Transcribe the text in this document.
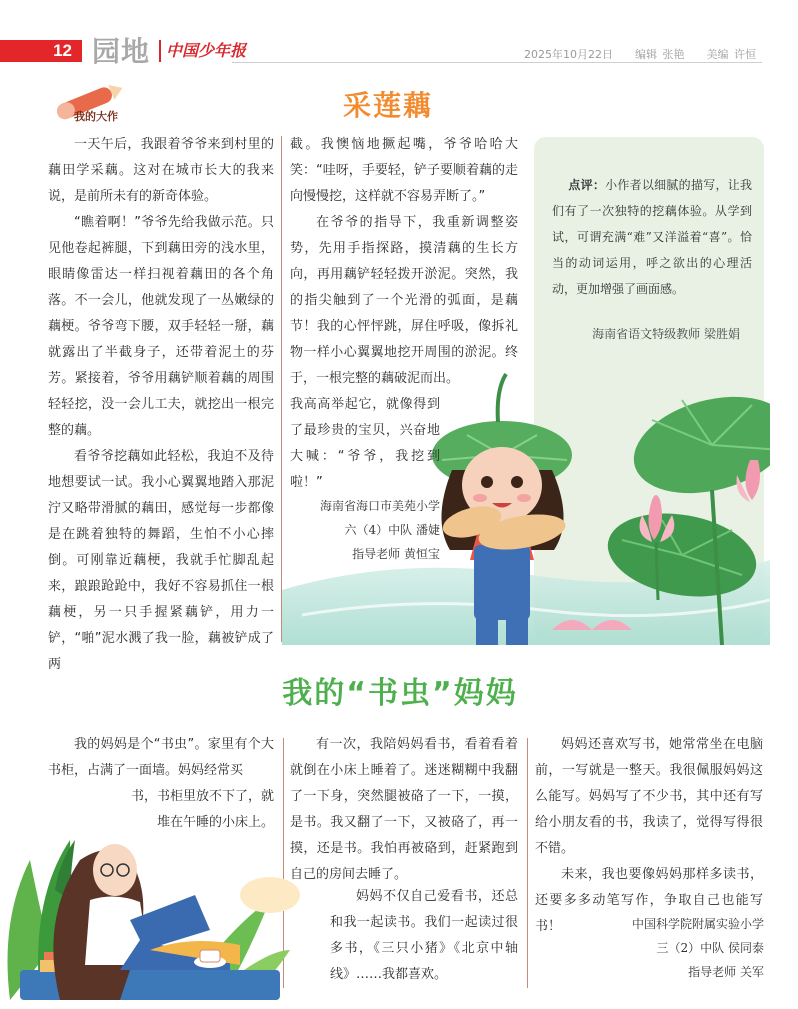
12 园地 中国少年报	2025年10月22日 编辑 张艳 美编 许恒
我的大作	采莲藕

一天午后，我跟着爷爷来到村里的藕田学采藕。这对在城市长大的我来说，是前所未有的新奇体验。

“瞧着啊！”爷爷先给我做示范。只见他卷起裤腿，下到藕田旁的浅水里，眼睛像雷达一样扫视着藕田的各个角落。不一会儿，他就发现了一丛嫩绿的藕梗。爷爷弯下腰，双手轻轻一掰，藕就露出了半截身子，还带着泥土的芬芳。紧接着，爷爷用藕铲顺着藕的周围轻轻挖，没一会儿工夫，就挖出一根完整的藕。

看爷爷挖藕如此轻松，我迫不及待地想要试一试。我小心翼翼地踏入那泥泞又略带滑腻的藕田，感觉每一步都像是在跳着独特的舞蹈，生怕不小心摔倒。可刚靠近藕梗，我就手忙脚乱起来，踉踉跄跄中，我好不容易抓住一根藕梗，另一只手握紧藕铲，用力一铲，“啪”泥水溅了我一脸，藕被铲成了两

截。我懊恼地撅起嘴，爷爷哈哈大笑：“哇呀，手要轻，铲子要顺着藕的走向慢慢挖，这样就不容易弄断了。”

在爷爷的指导下，我重新调整姿势，先用手指探路，摸清藕的生长方向，再用藕铲轻轻拨开淤泥。突然，我的指尖触到了一个光滑的弧面，是藕节！我的心怦怦跳，屏住呼吸，像拆礼物一样小心翼翼地挖开周围的淤泥。终于，一根完整的藕破泥而出。

我高高举起它，就像得到了最珍贵的宝贝，兴奋地大喊：“爷爷，我挖到啦！”

海南省海口市美苑小学
六（4）中队 潘婕
指导老师 黄恒宝
点评：小作者以细腻的描写，让我们有了一次独特的挖藕体验。从学到试，可谓充满“难”又洋溢着“喜”。恰当的动词运用，呼之欲出的心理活动，更加增强了画面感。
海南省语文特级教师 梁胜娟
我的“书虫”妈妈

我的妈妈是个“书虫”。家里有个大书柜，占满了一面墙。妈妈经常买

书，书柜里放不下了，就

堆在午睡的小床上。

有一次，我陪妈妈看书，看着看着就倒在小床上睡着了。迷迷糊糊中我翻了一下身，突然腿被硌了一下，一摸，是书。我又翻了一下，又被硌了，再一摸，还是书。我怕再被硌到，赶紧跑到自己的房间去睡了。

妈妈不仅自己爱看书，还总和我一起读书。我们一起读过很多书，《三只小猪》《北京中轴线》……我都喜欢。

妈妈还喜欢写书，她常常坐在电脑前，一写就是一整天。我很佩服妈妈这么能写。妈妈写了不少书，其中还有写给小朋友看的书，我读了，觉得写得很不错。

未来，我也要像妈妈那样多读书，还要多多动笔写作，争取自己也能写书！	中国科学院附属实验小学
三（2）中队 侯同泰
指导老师 关军
